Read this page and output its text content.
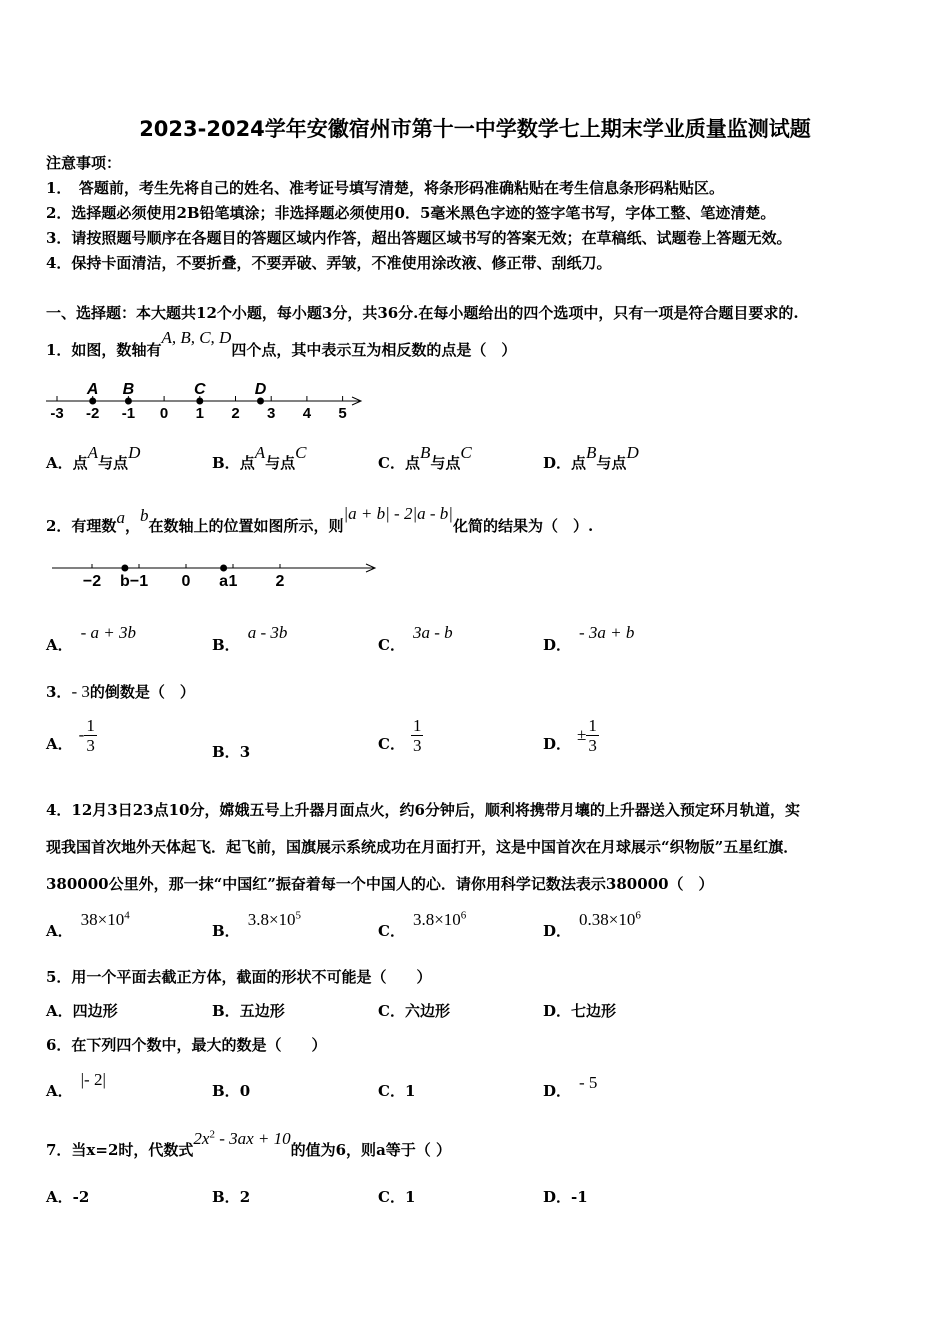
2023-2024学年安徽宿州市第十一中学数学七上期末学业质量监测试题
注意事项：
1．　答题前，考生先将自己的姓名、准考证号填写清楚，将条形码准确粘贴在考生信息条形码粘贴区。
2．选择题必须使用2B铅笔填涂；非选择题必须使用0．5毫米黑色字迹的签字笔书写，字体工整、笔迹清楚。
3．请按照题号顺序在各题目的答题区域内作答，超出答题区域书写的答案无效；在草稿纸、试题卷上答题无效。
4．保持卡面清洁，不要折叠，不要弄破、弄皱，不准使用涂改液、修正带、刮纸刀。
一、选择题：本大题共12个小题，每小题3分，共36分.在每小题给出的四个选项中，只有一项是符合题目要求的.
1．如图，数轴有A, B, C, D四个点，其中表示互为相反数的点是（　）
-3 -2 -1 0 1 2 3 4 5
A B	C	D
A．点A与点D
B．点A与点C
C．点B与点C
D．点B与点D
2．有理数a，b在数轴上的位置如图所示，则|a + b| - 2|a - b|化简的结果为（　）.
−2 −1 0 1 2
b	a
A．- a + 3b
B．a - 3b
C．3a - b
D．- 3a + b
3．- 3的倒数是（　）
A． - $\frac{1}{3}$	B．3	C． $\frac{1}{3}$	D． ± $\frac{1}{3}$
4．12月3日23点10分，嫦娥五号上升器月面点火，约6分钟后，顺利将携带月壤的上升器送入预定环月轨道，实
现我国首次地外天体起飞．起飞前，国旗展示系统成功在月面打开，这是中国首次在月球展示“织物版”五星红旗．
380000公里外，那一抹“中国红”振奋着每一个中国人的心．请你用科学记数法表示380000（　）
A．$38\times 10^4$
B．$3.8\times 10^5$
C．$3.8\times 10^6$
D．$0.38\times 10^6$
5．用一个平面去截正方体，截面的形状不可能是（　　）
A．四边形	B．五边形	C．六边形	D．七边形
6．在下列四个数中，最大的数是（　　）
A．|- 2|
B．0	C．1	D． - 5
7．当x=2时，代数式$2x^2 - 3ax + 10$的值为6，则a等于（ ）
A．-2	B．2	C．1	D．-1
